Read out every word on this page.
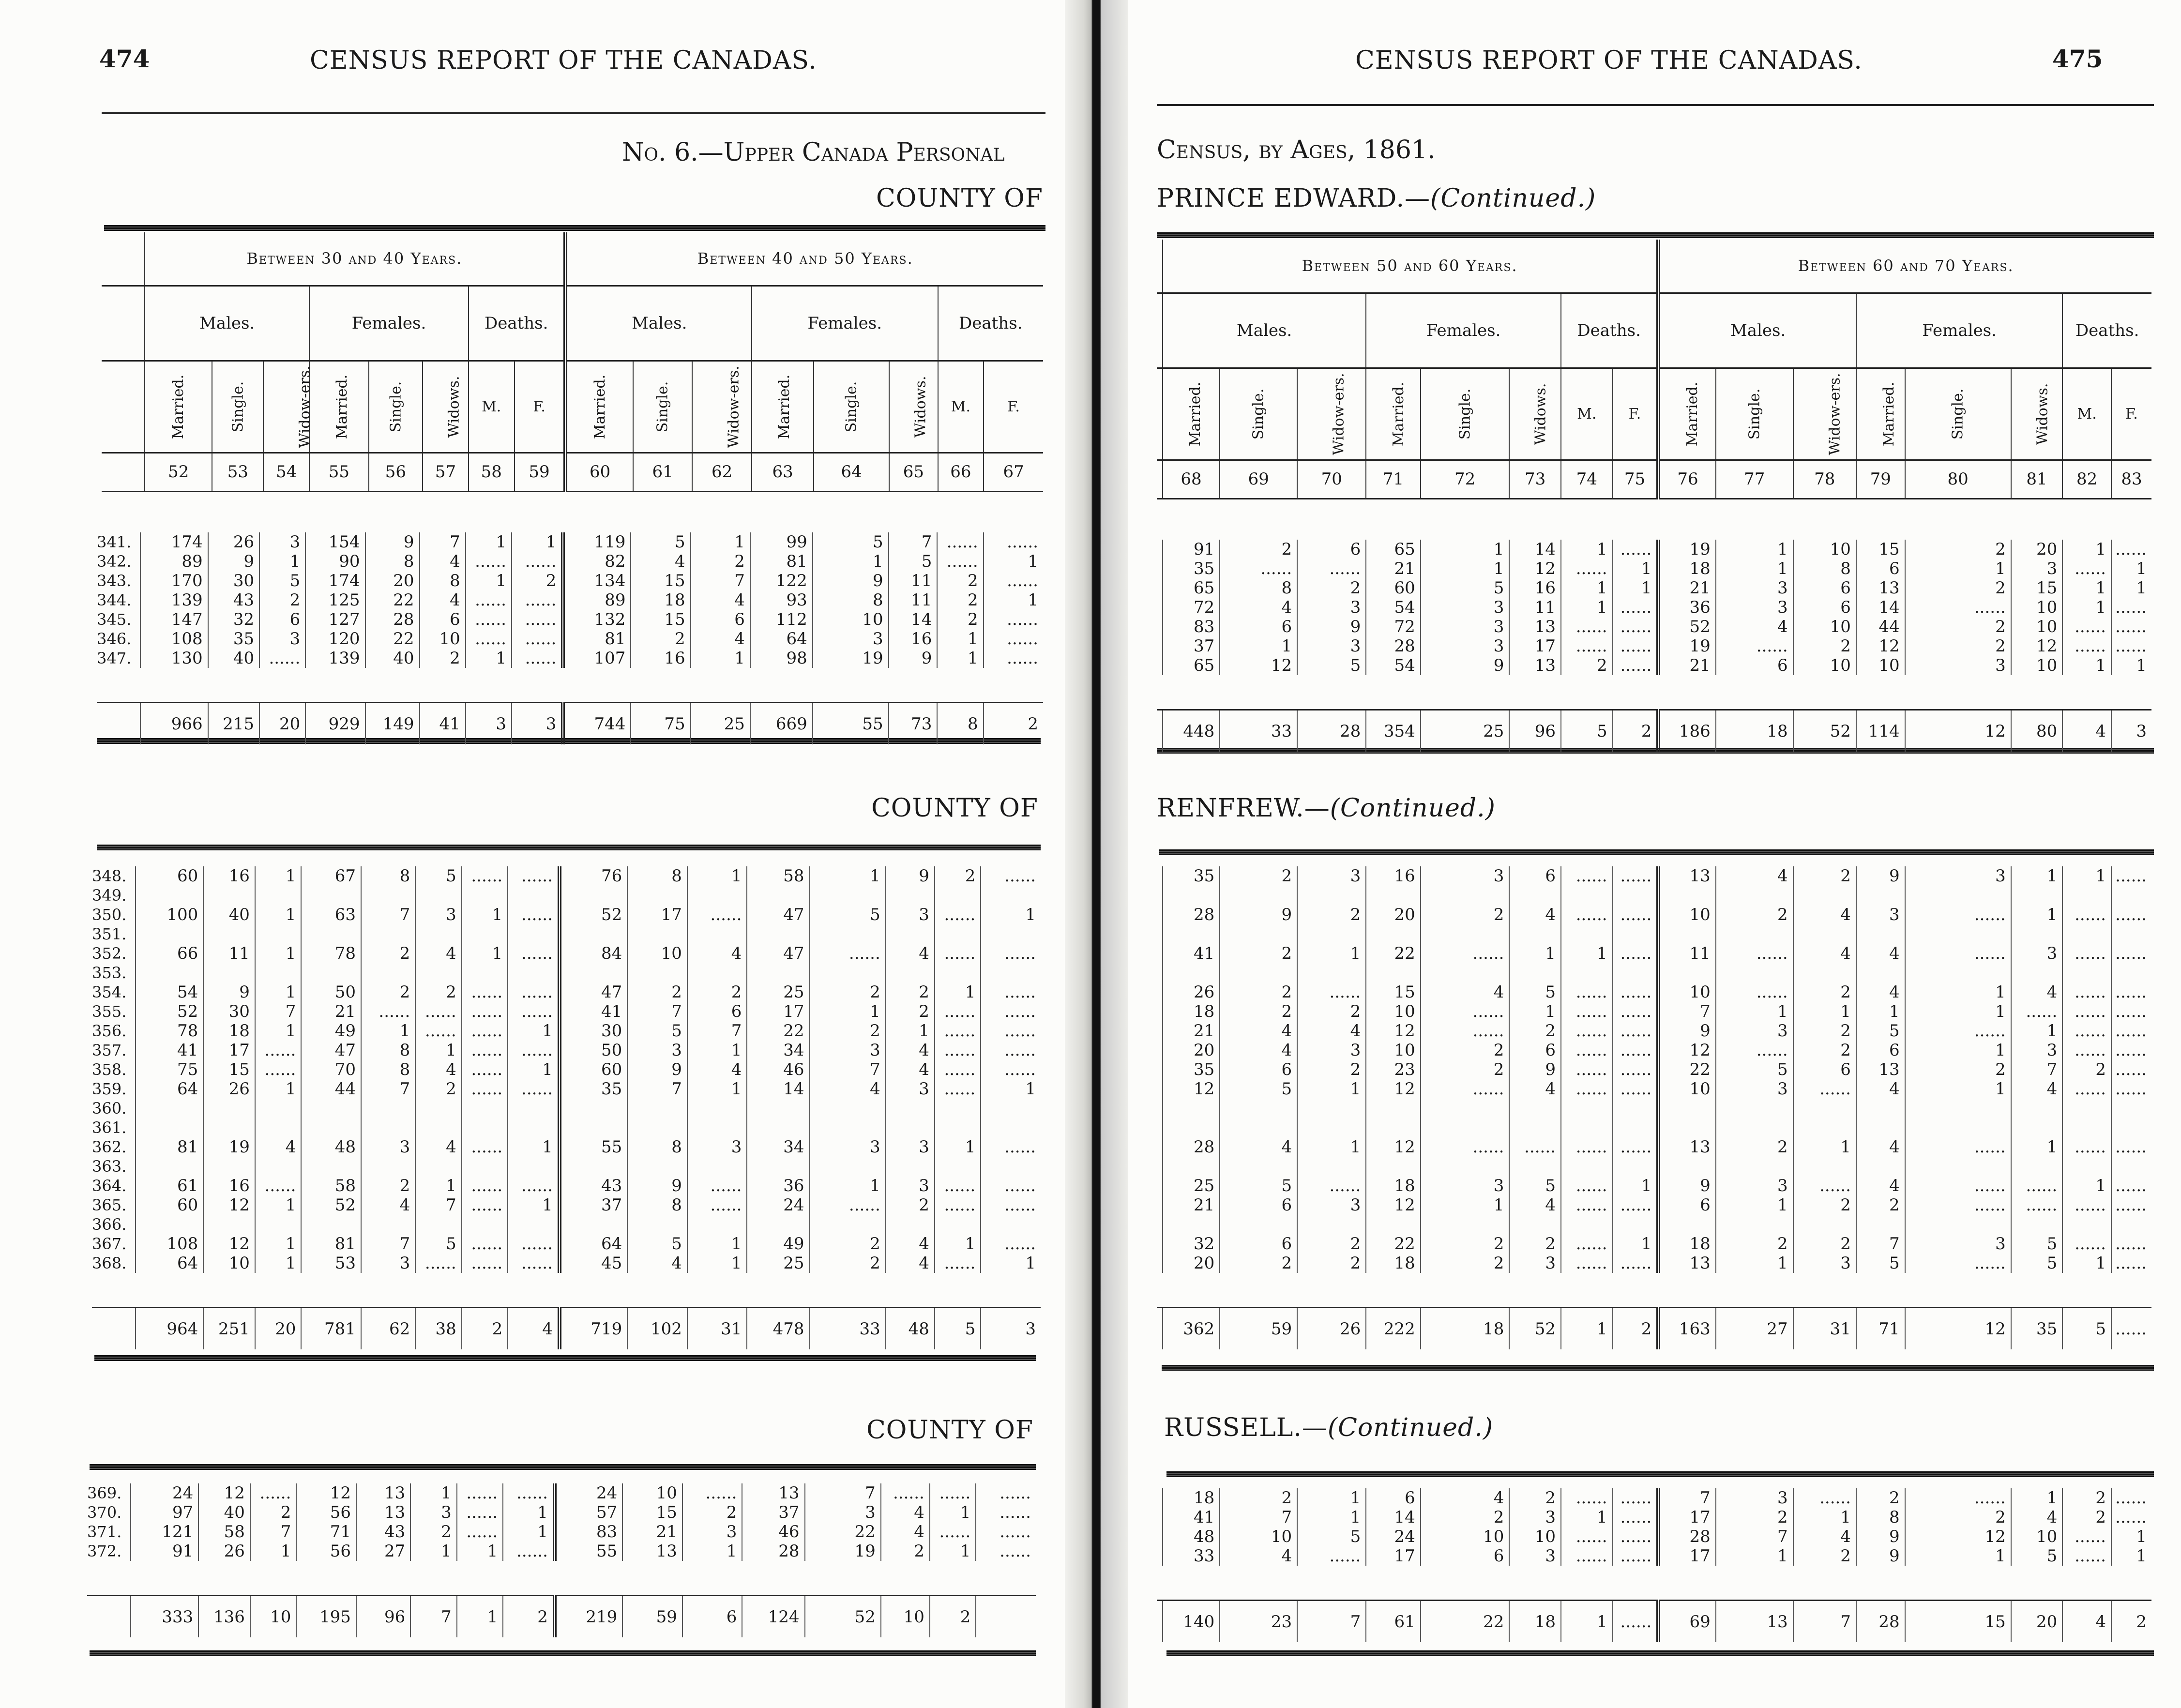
474	CENSUS REPORT OF THE CANADAS.
No. 6.—Upper Canada Personal
COUNTY OF
COUNTY OF
COUNTY OF
CENSUS REPORT OF THE CANADAS.	475
Census, by Ages, 1861.
PRINCE EDWARD.—(Continued.)
RENFREW.—(Continued.)
RUSSELL.—(Continued.)
	Between 30 and 40 Years.								Between 40 and 50 Years.							
	Males.			Females.			Deaths.		Males.			Females.			Deaths.	
	Married.	Single.	Widow-ers.	Married.	Single.	Widows.	M.	F.	Married.	Single.	Widow-ers.	Married.	Single.	Widows.	M.	F.
	52	53	54	55	56	57	58	59	60	61	62	63	64	65	66	67
	Between 50 and 60 Years.								Between 60 and 70 Years.							
	Males.			Females.			Deaths.		Males.			Females.			Deaths.	
	Married.	Single.	Widow-ers.	Married.	Single.	Widows.	M.	F.	Married.	Single.	Widow-ers.	Married.	Single.	Widows.	M.	F.
	68	69	70	71	72	73	74	75	76	77	78	79	80	81	82	83
341.	174	26	3	154	9	7	1	1	119	5	1	99	5	7	......	......
342.	89	9	1	90	8	4	......	......	82	4	2	81	1	5	......	1
343.	170	30	5	174	20	8	1	2	134	15	7	122	9	11	2	......
344.	139	43	2	125	22	4	......	......	89	18	4	93	8	11	2	1
345.	147	32	6	127	28	6	......	......	132	15	6	112	10	14	2	......
346.	108	35	3	120	22	10	......	......	81	2	4	64	3	16	1	......
347.	130	40	......	139	40	2	1	......	107	16	1	98	19	9	1	......

	966	215	20	929	149	41	3	3	744	75	25	669	55	73	8	2
	91	2	6	65	1	14	1	......	19	1	10	15	2	20	1	......
	35	......	......	21	1	12	......	1	18	1	8	6	1	3	......	1
	65	8	2	60	5	16	1	1	21	3	6	13	2	15	1	1
	72	4	3	54	3	11	1	......	36	3	6	14	......	10	1	......
	83	6	9	72	3	13	......	......	52	4	10	44	2	10	......	......
	37	1	3	28	3	17	......	......	19	......	2	12	2	12	......	......
	65	12	5	54	9	13	2	......	21	6	10	10	3	10	1	1

	448	33	28	354	25	96	5	2	186	18	52	114	12	80	4	3
348.	60	16	1	67	8	5	......	......	76	8	1	58	1	9	2	......
349.																
350.	100	40	1	63	7	3	1	......	52	17	......	47	5	3	......	1
351.																
352.	66	11	1	78	2	4	1	......	84	10	4	47	......	4	......	......
353.																
354.	54	9	1	50	2	2	......	......	47	2	2	25	2	2	1	......
355.	52	30	7	21	......	......	......	......	41	7	6	17	1	2	......	......
356.	78	18	1	49	1	......	......	1	30	5	7	22	2	1	......	......
357.	41	17	......	47	8	1	......	......	50	3	1	34	3	4	......	......
358.	75	15	......	70	8	4	......	1	60	9	4	46	7	4	......	......
359.	64	26	1	44	7	2	......	......	35	7	1	14	4	3	......	1
360.																
361.																
362.	81	19	4	48	3	4	......	1	55	8	3	34	3	3	1	......
363.																
364.	61	16	......	58	2	1	......	......	43	9	......	36	1	3	......	......
365.	60	12	1	52	4	7	......	1	37	8	......	24	......	2	......	......
366.																
367.	108	12	1	81	7	5	......	......	64	5	1	49	2	4	1	......
368.	64	10	1	53	3	......	......	......	45	4	1	25	2	4	......	1

	964	251	20	781	62	38	2	4	719	102	31	478	33	48	5	3
	35	2	3	16	3	6	......	......	13	4	2	9	3	1	1	......

	28	9	2	20	2	4	......	......	10	2	4	3	......	1	......	......

	41	2	1	22	......	1	1	......	11	......	4	4	......	3	......	......

	26	2	......	15	4	5	......	......	10	......	2	4	1	4	......	......
	18	2	2	10	......	1	......	......	7	1	1	1	1	......	......	......
	21	4	4	12	......	2	......	......	9	3	2	5	......	1	......	......
	20	4	3	10	2	6	......	......	12	......	2	6	1	3	......	......
	35	6	2	23	2	9	......	......	22	5	6	13	2	7	2	......
	12	5	1	12	......	4	......	......	10	3	......	4	1	4	......	......

	28	4	1	12	......	......	......	......	13	2	1	4	......	1	......	......

	25	5	......	18	3	5	......	1	9	3	......	4	......	......	1	......
	21	6	3	12	1	4	......	......	6	1	2	2	......	......	......	......

	32	6	2	22	2	2	......	1	18	2	2	7	3	5	......	......
	20	2	2	18	2	3	......	......	13	1	3	5	......	5	1	......

	362	59	26	222	18	52	1	2	163	27	31	71	12	35	5	......
369.	24	12	......	12	13	1	......	......	24	10	......	13	7	......	......	......
370.	97	40	2	56	13	3	......	1	57	15	2	37	3	4	1	......
371.	121	58	7	71	43	2	......	1	83	21	3	46	22	4	......	......
372.	91	26	1	56	27	1	1	......	55	13	1	28	19	2	1	......

	333	136	10	195	96	7	1	2	219	59	6	124	52	10	2	
	18	2	1	6	4	2	......	......	7	3	......	2	......	1	2	......
	41	7	1	14	2	3	1	......	17	2	1	8	2	4	2	......
	48	10	5	24	10	10	......	......	28	7	4	9	12	10	......	1
	33	4	......	17	6	3	......	......	17	1	2	9	1	5	......	1

	140	23	7	61	22	18	1	......	69	13	7	28	15	20	4	2
